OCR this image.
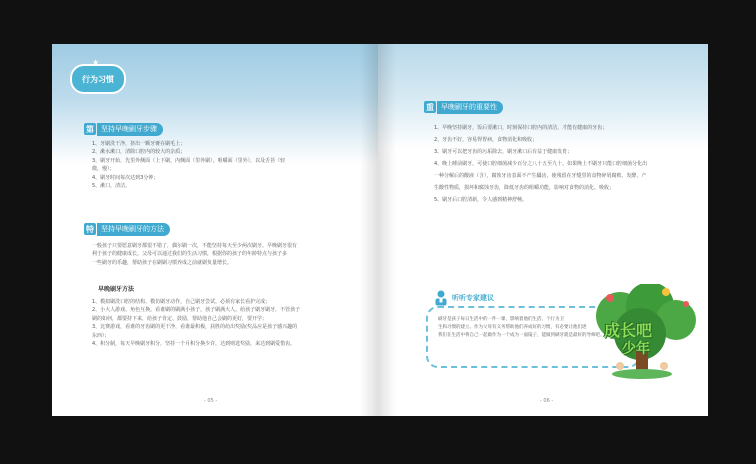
★
行为习惯
第	坚持早晚刷牙步骤

1、牙刷洗干净，挤出一颗牙膏在刷毛上；

2、漱水漱口，清除口腔内的较大的杂质；

3、刷牙开始，先里外侧面（上下刷，内侧面（里外刷），咀嚼面（里外），以及舌苔（轻

微，慢）；

4、刷牙时间每次达到3分钟；

5、漱口，清洁。

特	坚持早晚刷牙的方法

一般孩子只要愿意刷牙都很不错了，偶尔刷一次，不能坚持每天至少两次刷牙。早晚刷牙很有

利于孩子的健康成长。父母可以通过我们的生活习惯，根据你的孩子的年龄特点与孩子多

一些刷牙的乐趣，帮助孩子在刷刷习惯养成之前就刷负量增长。

早晚刷牙方法

1、模拟刷洗口腔的结构、模仿刷牙动作，自己刷牙尝试，必须有家长看护完成；

2、小大人游戏、角色互换。看谁刷的刷满小孩子，孩子刷满大人。给孩子刷牙刷牙，不管孩子

刷的如何，都要持下来，给孩子肯定、鼓励，帮助他自己会刷的更好，要开学；

3、比赛游戏，看谁的牙齿刷的更干净，看谁最积极，获胜的给出奖励(奖品应是孩子感兴趣的

东西）；

4、积分制，每天早晚刷牙积分，坚持一个月积分换少许，达到则选奖励，来达到刷爱惜齿。

- 05 -
重	早晚刷牙的重要性

1、早晚坚持刷牙，饭后要漱口，时刻保持口腔内的清洁，才能有健康的牙齿；

2、牙齿不好，容易得胃病，食物消化和吸收；

3、刷牙可以把牙齿的污垢除去，刷牙漱口后有益于健康发育；

4、晚上睡前刷牙，可使口腔细菌减少百分之八十五至九十。如果晚上不刷牙只能口腔细菌分化出

一种分解后的酸液（含），腐蚀牙齿表面不产生龋齿，使残留在牙缝里的食物碎屑腐败、发酵，产

生酸性物质，损坏和腐蚀牙齿，降低牙齿的咀嚼功能，影响对食物的消化、吸收；

5、刷牙后口腔清新，令人感到精神舒畅。

听听专家建议
刷牙是孩子每日生活中的一件一课，影响着他们生活、个行为卫
生和习惯的建立。作为父母有义务帮助他们养成好的习惯，有必要让他们逐
我们在生活中将自己一起做作为一个成为一面镜子，能做到刷牙就是最好的导师吧。 成长吧
少年
- 06 -
